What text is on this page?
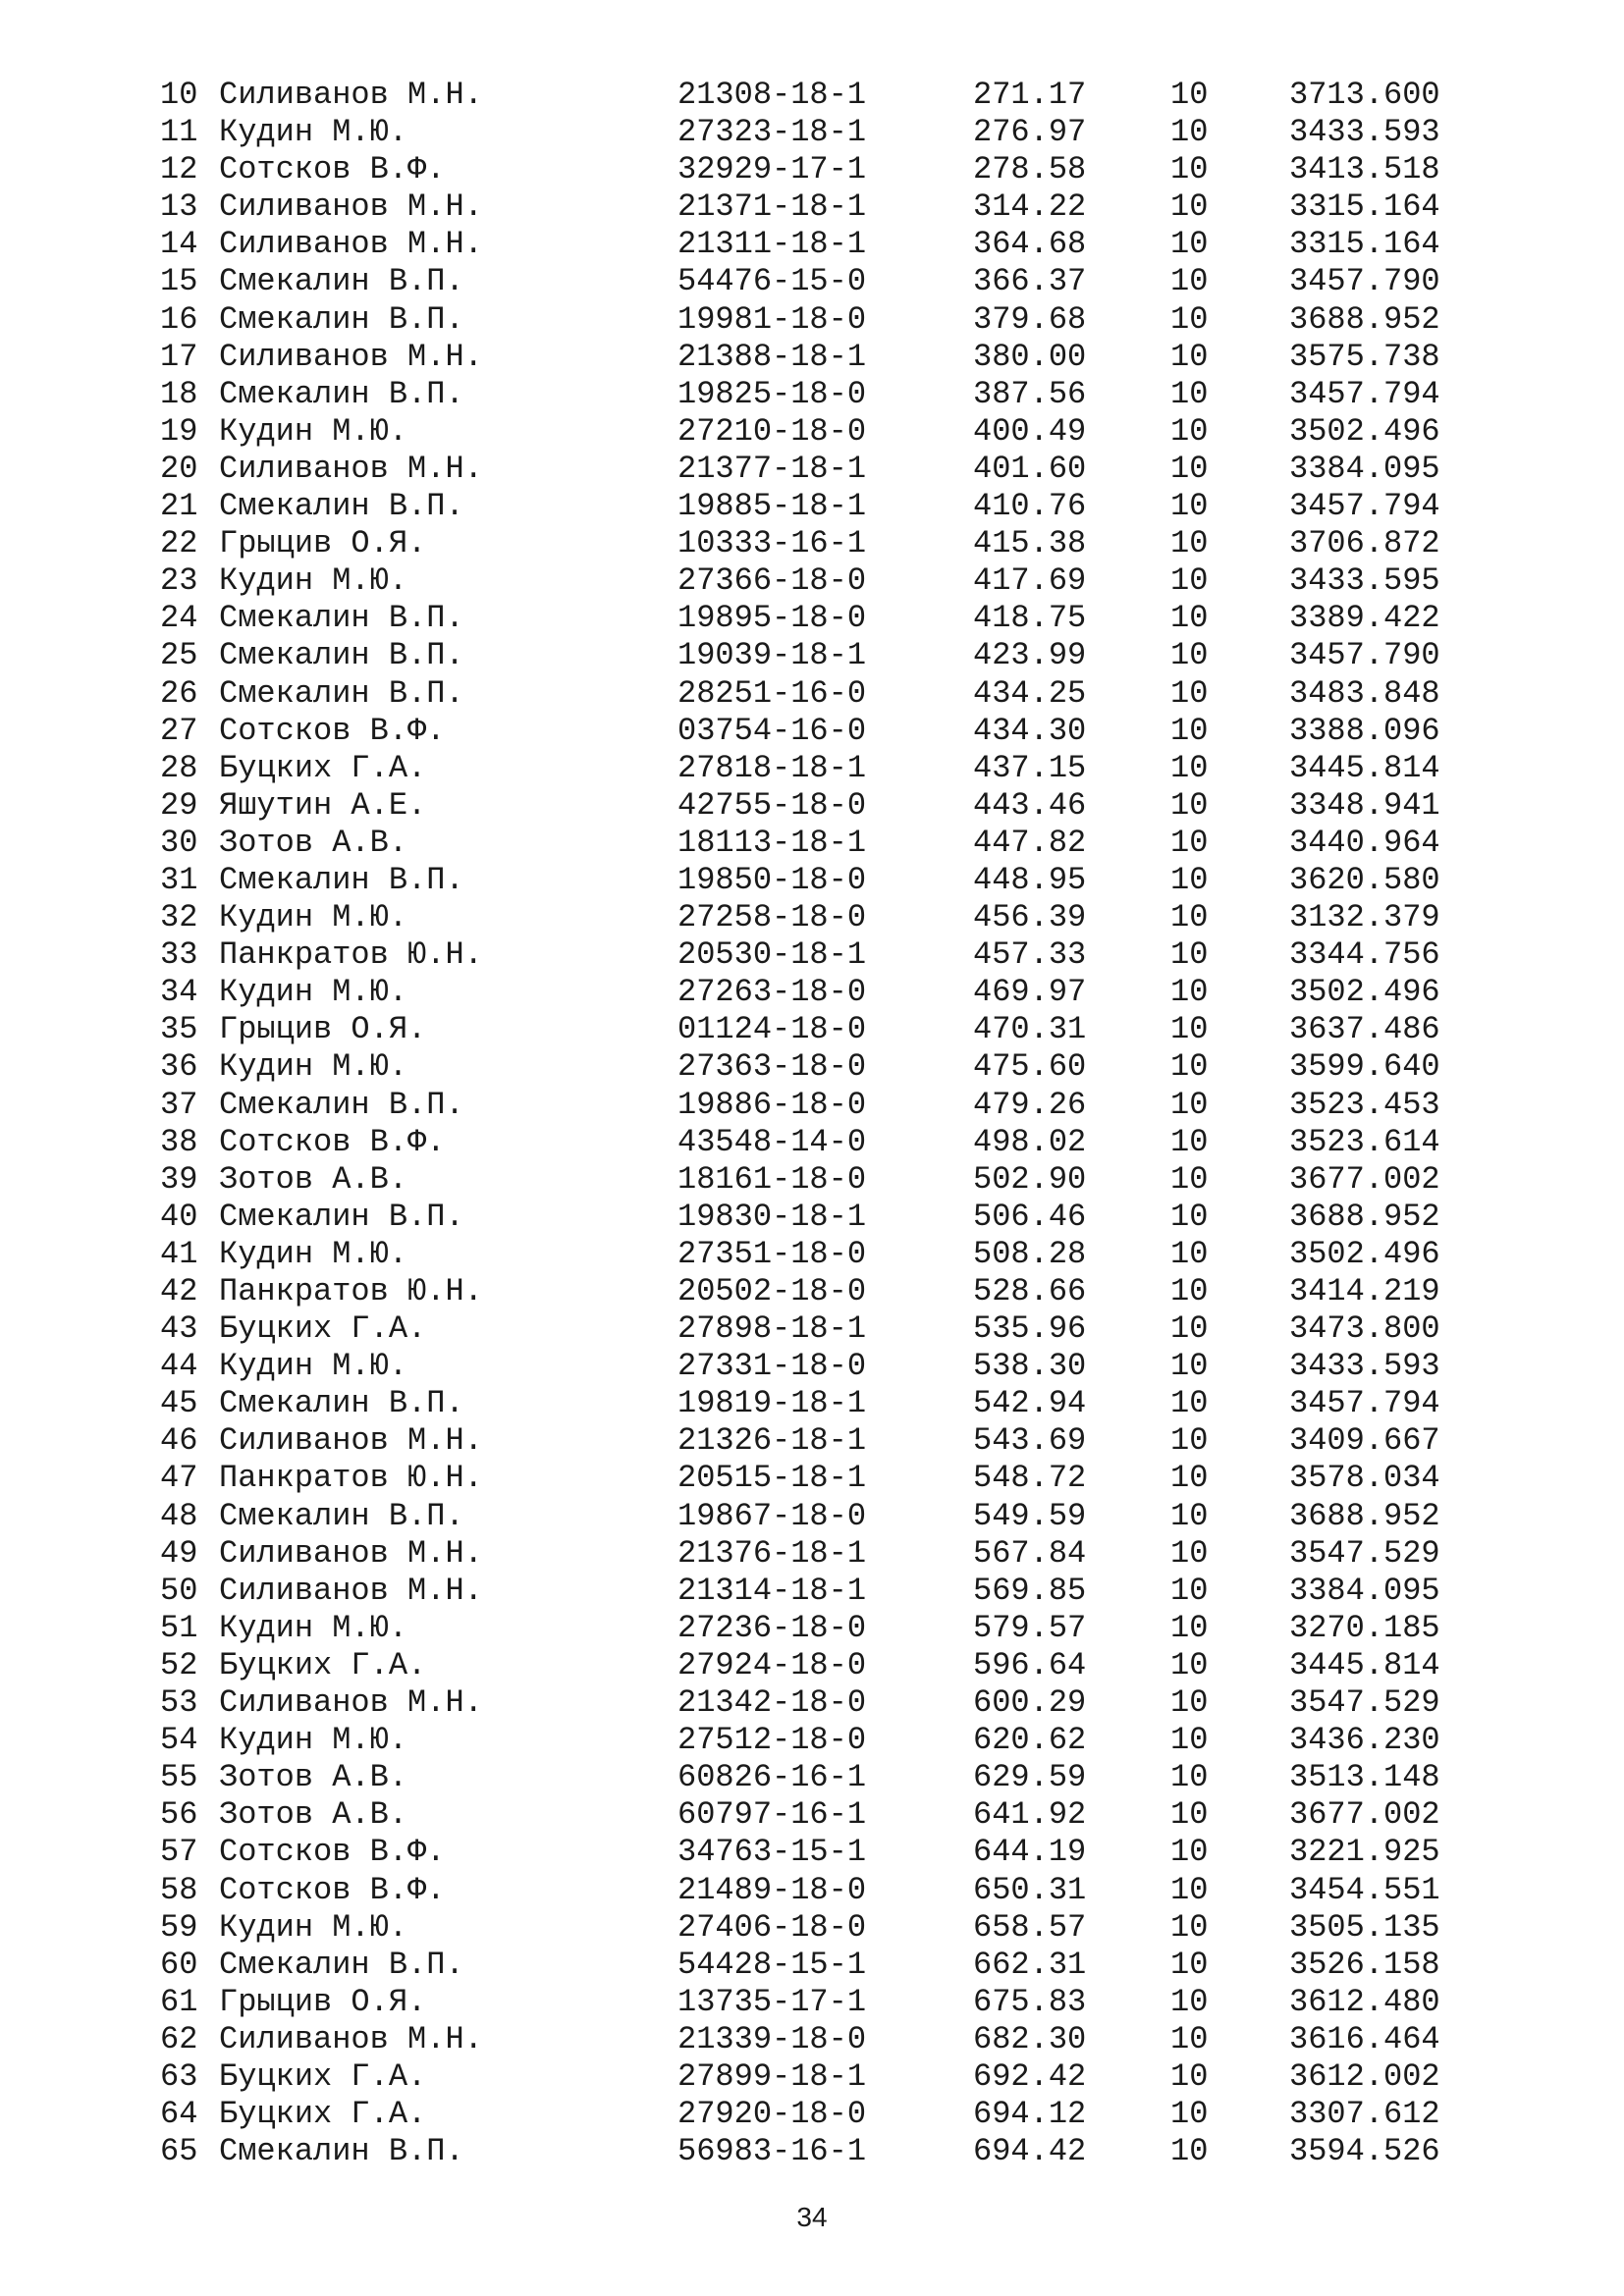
10 Силиванов М.Н.	21308-18-1	271.17	10	3713.600
11 Кудин М.Ю.	27323-18-1	276.97	10	3433.593
12 Сотсков В.Ф.	32929-17-1	278.58	10	3413.518
13 Силиванов М.Н.	21371-18-1	314.22	10	3315.164
14 Силиванов М.Н.	21311-18-1	364.68	10	3315.164
15 Смекалин В.П.	54476-15-0	366.37	10	3457.790
16 Смекалин В.П.	19981-18-0	379.68	10	3688.952
17 Силиванов М.Н.	21388-18-1	380.00	10	3575.738
18 Смекалин В.П.	19825-18-0	387.56	10	3457.794
19 Кудин М.Ю.	27210-18-0	400.49	10	3502.496
20 Силиванов М.Н.	21377-18-1	401.60	10	3384.095
21 Смекалин В.П.	19885-18-1	410.76	10	3457.794
22 Грыцив О.Я.	10333-16-1	415.38	10	3706.872
23 Кудин М.Ю.	27366-18-0	417.69	10	3433.595
24 Смекалин В.П.	19895-18-0	418.75	10	3389.422
25 Смекалин В.П.	19039-18-1	423.99	10	3457.790
26 Смекалин В.П.	28251-16-0	434.25	10	3483.848
27 Сотсков В.Ф.	03754-16-0	434.30	10	3388.096
28 Буцких Г.А.	27818-18-1	437.15	10	3445.814
29 Яшутин А.Е.	42755-18-0	443.46	10	3348.941
30 Зотов А.В.	18113-18-1	447.82	10	3440.964
31 Смекалин В.П.	19850-18-0	448.95	10	3620.580
32 Кудин М.Ю.	27258-18-0	456.39	10	3132.379
33 Панкратов Ю.Н.	20530-18-1	457.33	10	3344.756
34 Кудин М.Ю.	27263-18-0	469.97	10	3502.496
35 Грыцив О.Я.	01124-18-0	470.31	10	3637.486
36 Кудин М.Ю.	27363-18-0	475.60	10	3599.640
37 Смекалин В.П.	19886-18-0	479.26	10	3523.453
38 Сотсков В.Ф.	43548-14-0	498.02	10	3523.614
39 Зотов А.В.	18161-18-0	502.90	10	3677.002
40 Смекалин В.П.	19830-18-1	506.46	10	3688.952
41 Кудин М.Ю.	27351-18-0	508.28	10	3502.496
42 Панкратов Ю.Н.	20502-18-0	528.66	10	3414.219
43 Буцких Г.А.	27898-18-1	535.96	10	3473.800
44 Кудин М.Ю.	27331-18-0	538.30	10	3433.593
45 Смекалин В.П.	19819-18-1	542.94	10	3457.794
46 Силиванов М.Н.	21326-18-1	543.69	10	3409.667
47 Панкратов Ю.Н.	20515-18-1	548.72	10	3578.034
48 Смекалин В.П.	19867-18-0	549.59	10	3688.952
49 Силиванов М.Н.	21376-18-1	567.84	10	3547.529
50 Силиванов М.Н.	21314-18-1	569.85	10	3384.095
51 Кудин М.Ю.	27236-18-0	579.57	10	3270.185
52 Буцких Г.А.	27924-18-0	596.64	10	3445.814
53 Силиванов М.Н.	21342-18-0	600.29	10	3547.529
54 Кудин М.Ю.	27512-18-0	620.62	10	3436.230
55 Зотов А.В.	60826-16-1	629.59	10	3513.148
56 Зотов А.В.	60797-16-1	641.92	10	3677.002
57 Сотсков В.Ф.	34763-15-1	644.19	10	3221.925
58 Сотсков В.Ф.	21489-18-0	650.31	10	3454.551
59 Кудин М.Ю.	27406-18-0	658.57	10	3505.135
60 Смекалин В.П.	54428-15-1	662.31	10	3526.158
61 Грыцив О.Я.	13735-17-1	675.83	10	3612.480
62 Силиванов М.Н.	21339-18-0	682.30	10	3616.464
63 Буцких Г.А.	27899-18-1	692.42	10	3612.002
64 Буцких Г.А.	27920-18-0	694.12	10	3307.612
65 Смекалин В.П.	56983-16-1	694.42	10	3594.526
34
